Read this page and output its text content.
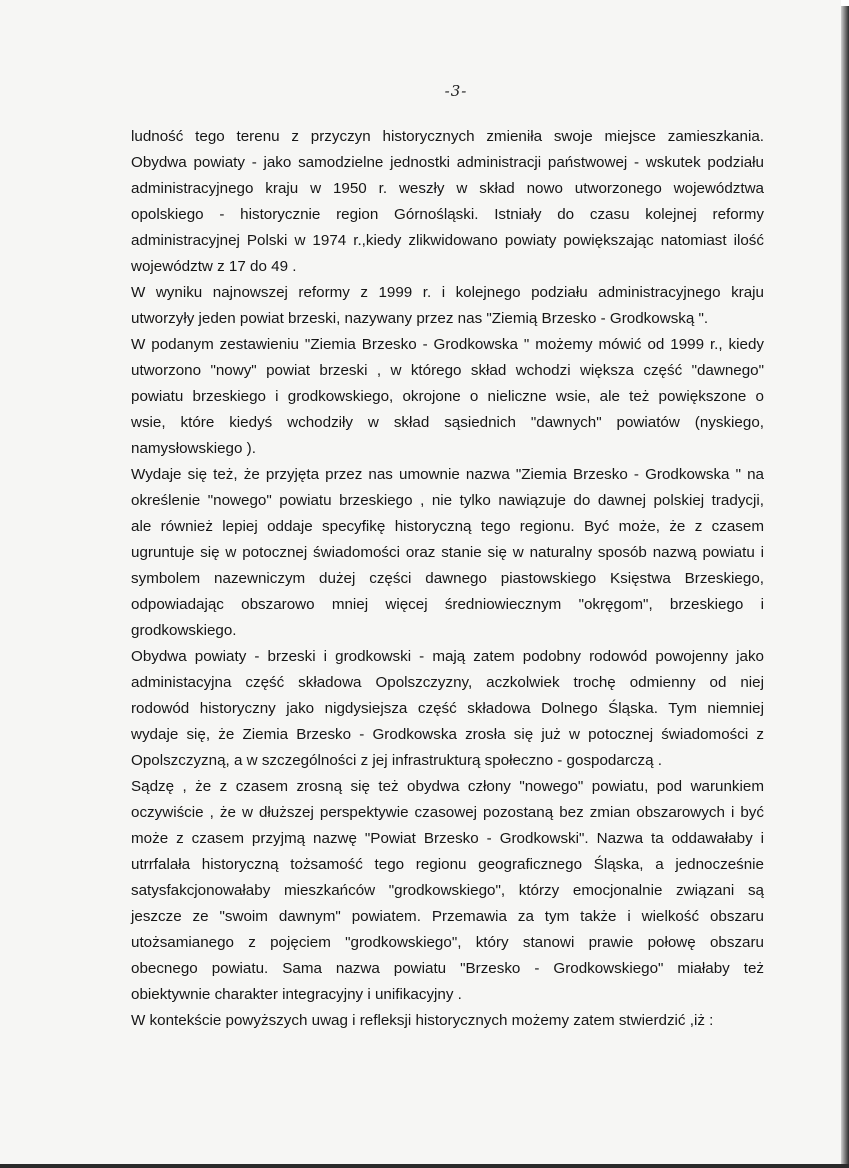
-3-
ludność tego terenu z przyczyn historycznych zmieniła swoje miejsce zamieszkania.
Obydwa powiaty - jako samodzielne jednostki administracji państwowej - wskutek podziału
administracyjnego kraju w 1950 r. weszły w skład nowo utworzonego województwa
opolskiego - historycznie region Górnośląski. Istniały do czasu kolejnej reformy
administracyjnej Polski w 1974 r.,kiedy zlikwidowano powiaty powiększając natomiast ilość
województw z 17 do 49 .
W wyniku najnowszej reformy z 1999 r. i kolejnego podziału administracyjnego kraju
utworzyły jeden powiat brzeski, nazywany przez nas "Ziemią Brzesko - Grodkowską ".
W podanym zestawieniu "Ziemia Brzesko - Grodkowska " możemy mówić od 1999 r., kiedy
utworzono "nowy" powiat brzeski , w którego skład wchodzi większa część "dawnego"
powiatu brzeskiego i grodkowskiego, okrojone o nieliczne wsie, ale też powiększone o
wsie, które kiedyś wchodziły w skład sąsiednich "dawnych" powiatów (nyskiego,
namysłowskiego ).
Wydaje się też, że przyjęta przez nas umownie nazwa "Ziemia Brzesko - Grodkowska " na
określenie "nowego" powiatu brzeskiego , nie tylko nawiązuje do dawnej polskiej tradycji,
ale również lepiej oddaje specyfikę historyczną tego regionu. Być może, że z czasem
ugruntuje się w potocznej świadomości oraz stanie się w naturalny sposób nazwą powiatu i
symbolem nazewniczym dużej części dawnego piastowskiego Księstwa Brzeskiego,
odpowiadając obszarowo mniej więcej średniowiecznym "okręgom", brzeskiego i
grodkowskiego.
Obydwa powiaty - brzeski i grodkowski - mają zatem podobny rodowód powojenny jako
administacyjna część składowa Opolszczyzny, aczkolwiek trochę odmienny od niej
rodowód historyczny jako nigdysiejsza część składowa Dolnego Śląska. Tym niemniej
wydaje się, że Ziemia Brzesko - Grodkowska zrosła się już w potocznej świadomości z
Opolszczyzną, a w szczególności z jej infrastrukturą społeczno - gospodarczą .
Sądzę , że z czasem zrosną się też obydwa człony "nowego" powiatu, pod warunkiem
oczywiście , że w dłuższej perspektywie czasowej pozostaną bez zmian obszarowych i być
może z czasem przyjmą nazwę "Powiat Brzesko - Grodkowski". Nazwa ta oddawałaby i
utrrfalała historyczną tożsamość tego regionu geograficznego Śląska, a jednocześnie
satysfakcjonowałaby mieszkańców "grodkowskiego", którzy emocjonalnie związani są
jeszcze ze "swoim dawnym" powiatem. Przemawia za tym także i wielkość obszaru
utożsamianego z pojęciem "grodkowskiego", który stanowi prawie połowę obszaru
obecnego powiatu. Sama nazwa powiatu "Brzesko - Grodkowskiego" miałaby też
obiektywnie charakter integracyjny i unifikacyjny .
W kontekście powyższych uwag i refleksji historycznych możemy zatem stwierdzić ,iż :
